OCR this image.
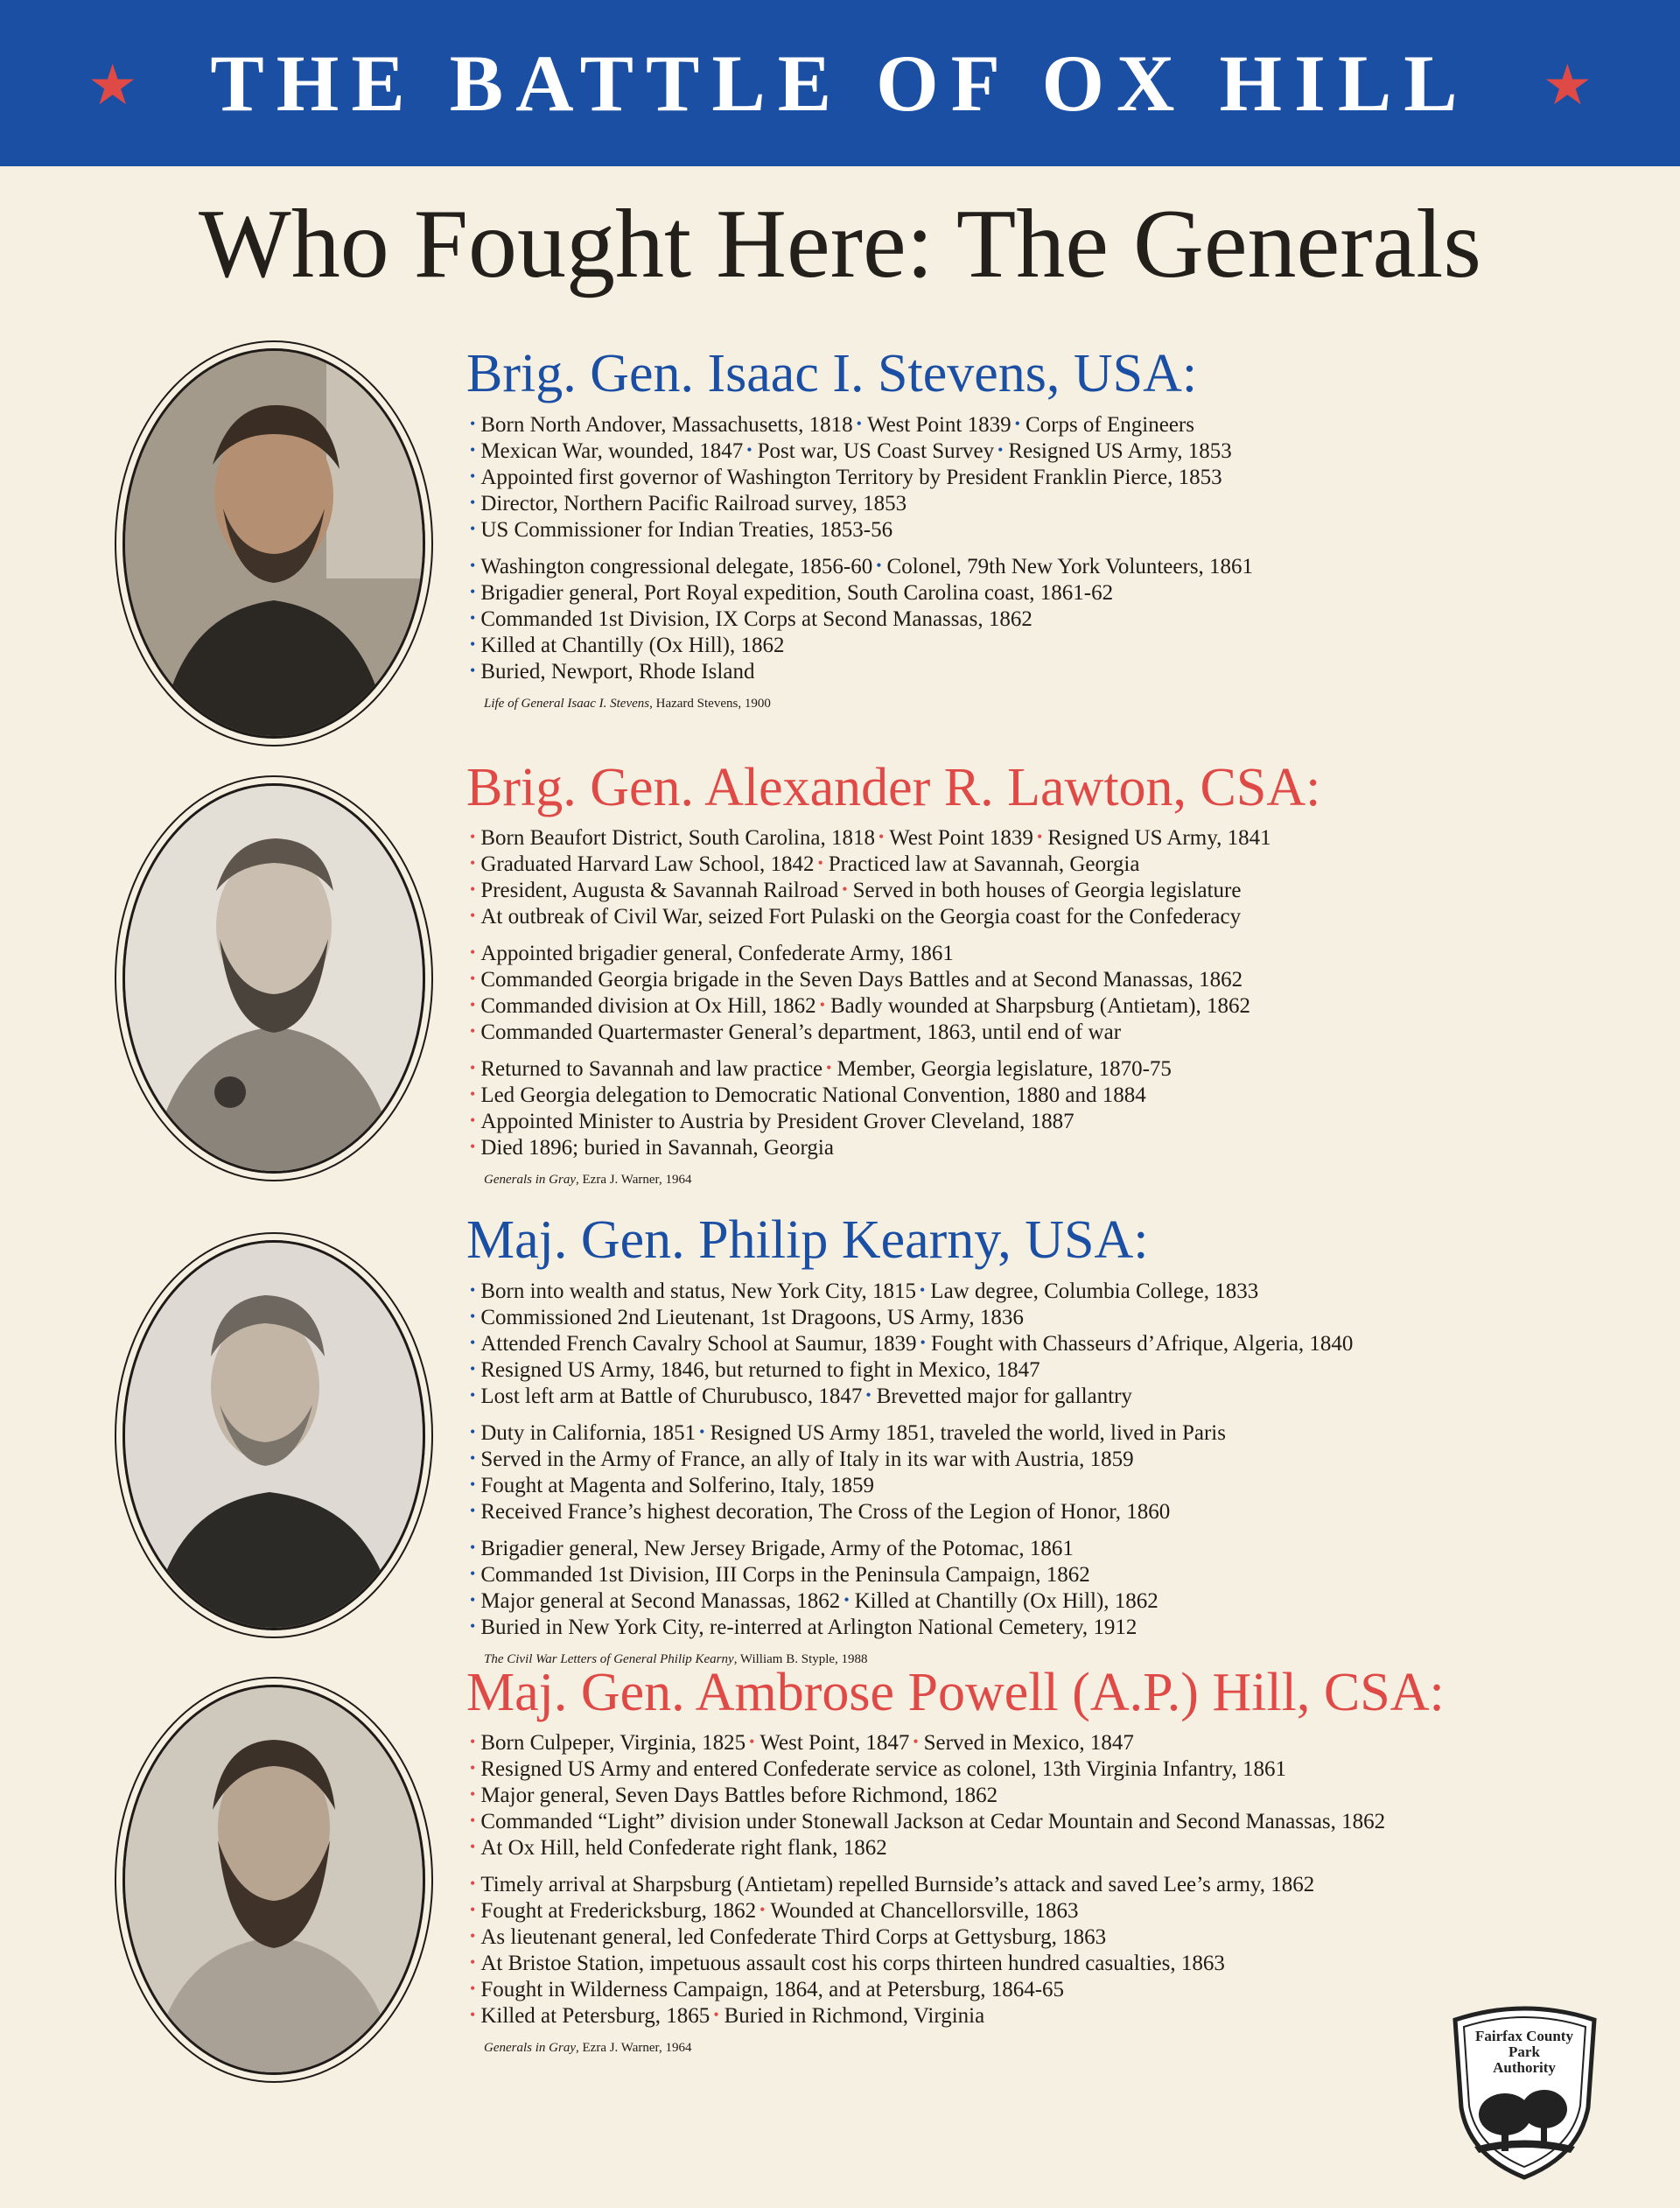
★ THE BATTLE OF OX HILL ★
Who Fought Here: The Generals
Brig. Gen. Isaac I. Stevens, USA:
• Born North Andover, Massachusetts, 1818 • West Point 1839 • Corps of Engineers
• Mexican War, wounded, 1847 • Post war, US Coast Survey • Resigned US Army, 1853
• Appointed first governor of Washington Territory by President Franklin Pierce, 1853
• Director, Northern Pacific Railroad survey, 1853
• US Commissioner for Indian Treaties, 1853-56
• Washington congressional delegate, 1856-60 • Colonel, 79th New York Volunteers, 1861
• Brigadier general, Port Royal expedition, South Carolina coast, 1861-62
• Commanded 1st Division, IX Corps at Second Manassas, 1862
• Killed at Chantilly (Ox Hill), 1862
• Buried, Newport, Rhode Island
Life of General Isaac I. Stevens, Hazard Stevens, 1900
Brig. Gen. Alexander R. Lawton, CSA:
• Born Beaufort District, South Carolina, 1818 • West Point 1839 • Resigned US Army, 1841
• Graduated Harvard Law School, 1842 • Practiced law at Savannah, Georgia
• President, Augusta & Savannah Railroad • Served in both houses of Georgia legislature
• At outbreak of Civil War, seized Fort Pulaski on the Georgia coast for the Confederacy
• Appointed brigadier general, Confederate Army, 1861
• Commanded Georgia brigade in the Seven Days Battles and at Second Manassas, 1862
• Commanded division at Ox Hill, 1862 • Badly wounded at Sharpsburg (Antietam), 1862
• Commanded Quartermaster General’s department, 1863, until end of war
• Returned to Savannah and law practice • Member, Georgia legislature, 1870-75
• Led Georgia delegation to Democratic National Convention, 1880 and 1884
• Appointed Minister to Austria by President Grover Cleveland, 1887
• Died 1896; buried in Savannah, Georgia
Generals in Gray, Ezra J. Warner, 1964
Maj. Gen. Philip Kearny, USA:
• Born into wealth and status, New York City, 1815 • Law degree, Columbia College, 1833
• Commissioned 2nd Lieutenant, 1st Dragoons, US Army, 1836
• Attended French Cavalry School at Saumur, 1839 • Fought with Chasseurs d’Afrique, Algeria, 1840
• Resigned US Army, 1846, but returned to fight in Mexico, 1847
• Lost left arm at Battle of Churubusco, 1847 • Brevetted major for gallantry
• Duty in California, 1851 • Resigned US Army 1851, traveled the world, lived in Paris
• Served in the Army of France, an ally of Italy in its war with Austria, 1859
• Fought at Magenta and Solferino, Italy, 1859
• Received France’s highest decoration, The Cross of the Legion of Honor, 1860
• Brigadier general, New Jersey Brigade, Army of the Potomac, 1861
• Commanded 1st Division, III Corps in the Peninsula Campaign, 1862
• Major general at Second Manassas, 1862 • Killed at Chantilly (Ox Hill), 1862
• Buried in New York City, re-interred at Arlington National Cemetery, 1912
The Civil War Letters of General Philip Kearny, William B. Styple, 1988
Maj. Gen. Ambrose Powell (A.P.) Hill, CSA:
• Born Culpeper, Virginia, 1825 • West Point, 1847 • Served in Mexico, 1847
• Resigned US Army and entered Confederate service as colonel, 13th Virginia Infantry, 1861
• Major general, Seven Days Battles before Richmond, 1862
• Commanded “Light” division under Stonewall Jackson at Cedar Mountain and Second Manassas, 1862
• At Ox Hill, held Confederate right flank, 1862
• Timely arrival at Sharpsburg (Antietam) repelled Burnside’s attack and saved Lee’s army, 1862
• Fought at Fredericksburg, 1862 • Wounded at Chancellorsville, 1863
• As lieutenant general, led Confederate Third Corps at Gettysburg, 1863
• At Bristoe Station, impetuous assault cost his corps thirteen hundred casualties, 1863
• Fought in Wilderness Campaign, 1864, and at Petersburg, 1864-65
• Killed at Petersburg, 1865 • Buried in Richmond, Virginia
Generals in Gray, Ezra J. Warner, 1964
Fairfax County
Park
Authority
